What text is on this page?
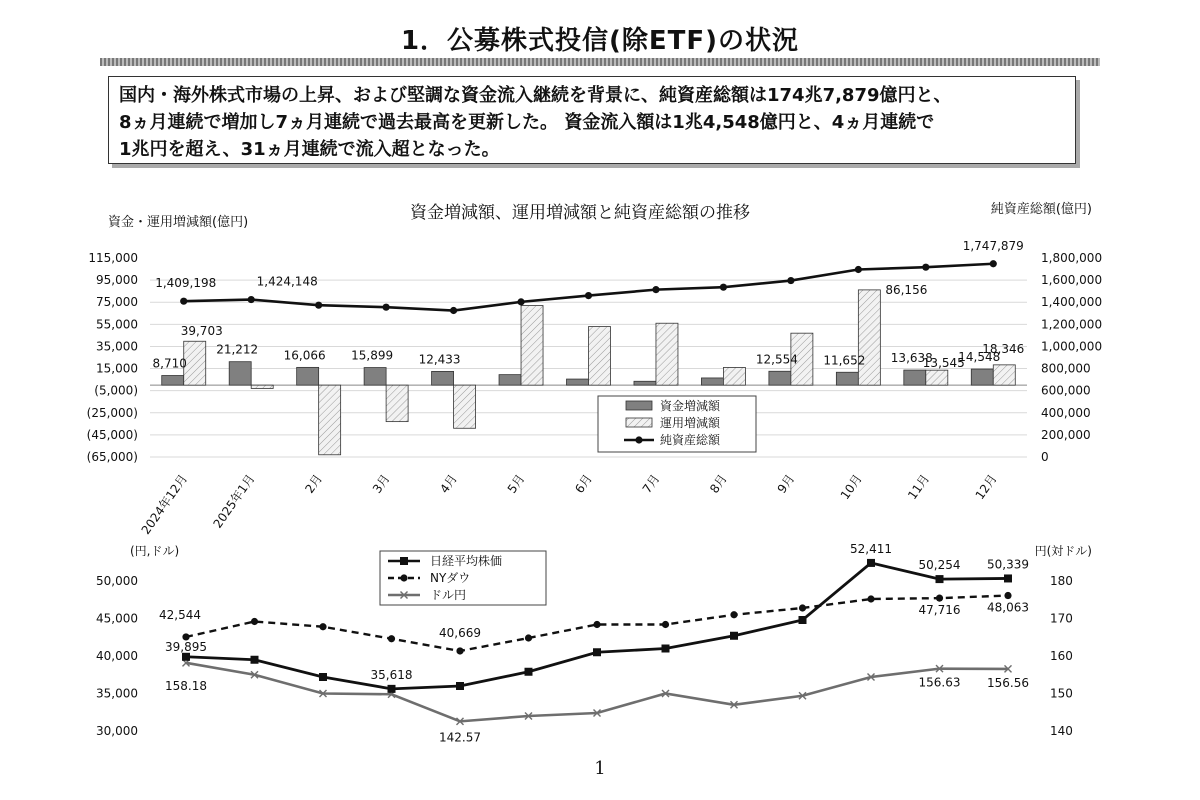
1．公募株式投信(除ETF)の状況
国内・海外株式市場の上昇、および堅調な資金流入継続を背景に、純資産総額は174兆7,879億円と、
8ヵ月連続で増加し7ヵ月連続で過去最高を更新した。 資金流入額は1兆4,548億円と、4ヵ月連続で
1兆円を超え、31ヵ月連続で流入超となった。
資金増減額、運用増減額と純資産総額の推移
資金・運用増減額(億円)
純資産総額(億円)
115,000
95,000
75,000
55,000
35,000
15,000
(5,000)
(25,000)
(45,000)
(65,000)
1,800,000
1,600,000
1,400,000
1,200,000
1,000,000
800,000
600,000
400,000
200,000
0
2024年12月 2025年1月	2月	3月	4月	5月	6月	7月	8月	9月	10月	11月	12月
8,710
21,212 16,066 15,899 12,433	12,554 11,652 13,638 14,548
39,703
86,156
13,545
18,346
1,409,198	1,424,148
1,747,879
資金増減額
運用増減額
純資産総額
(円,ドル)	円(対ドル)
50,000
45,000
40,000
35,000
30,000
180
170
160
150
140
39,895
35,618
52,411
50,254 50,339
42,544
40,669
47,716 48,063
158.18
142.57
156.63 156.56
日経平均株価
NYダウ
ドル円
1
